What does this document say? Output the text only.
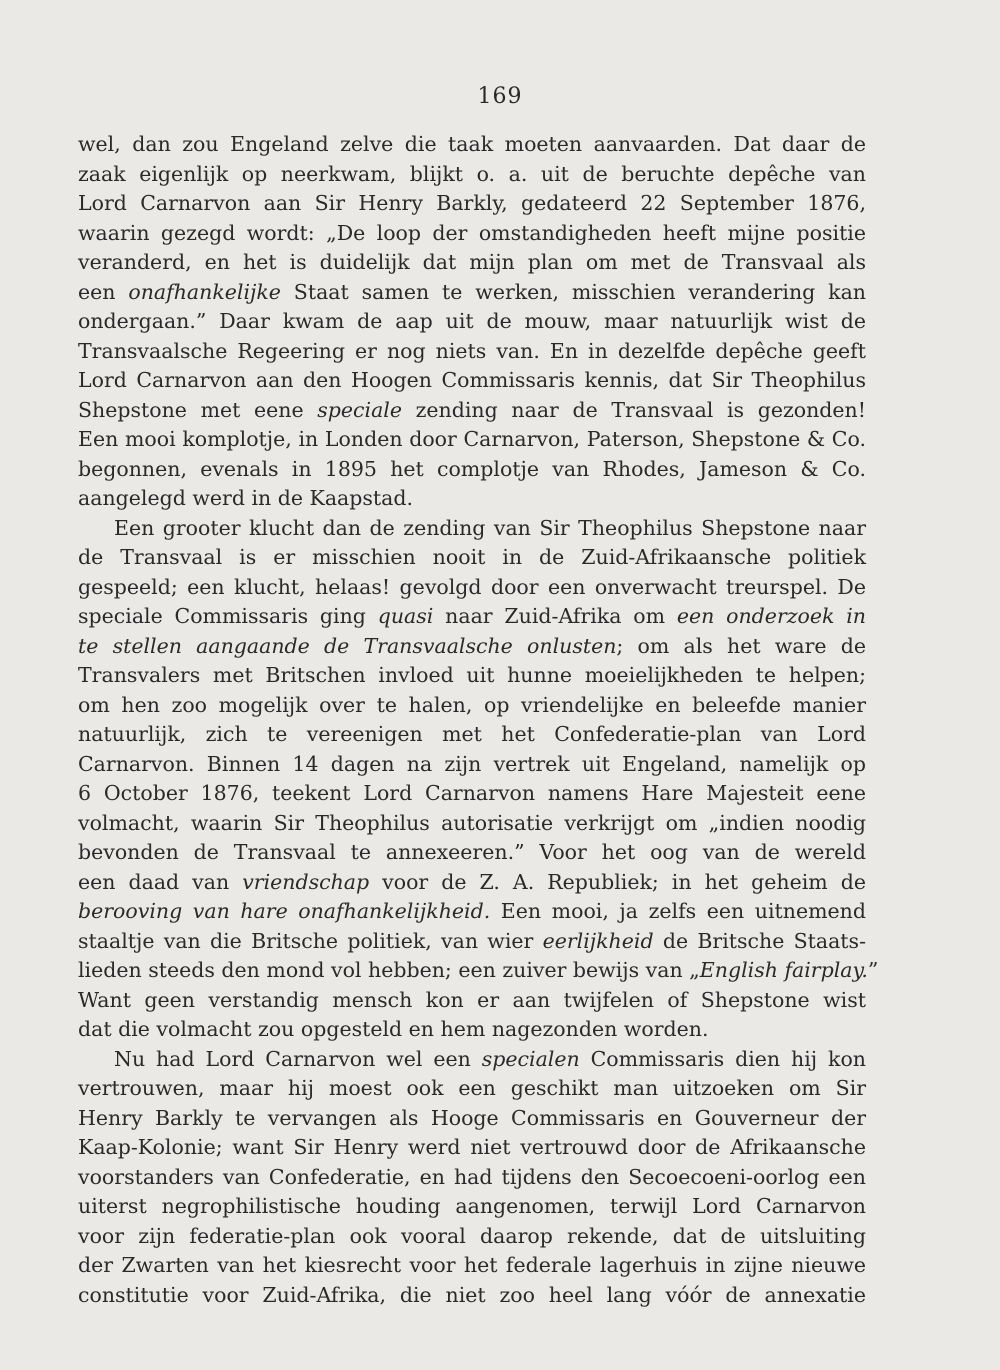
169
wel, dan zou Engeland zelve die taak moeten aanvaarden. Dat daar de
zaak eigenlijk op neerkwam, blijkt o. a. uit de beruchte depêche van
Lord Carnarvon aan Sir Henry Barkly, gedateerd 22 September 1876,
waarin gezegd wordt: „De loop der omstandigheden heeft mijne positie
veranderd, en het is duidelijk dat mijn plan om met de Transvaal als
een onafhankelijke Staat samen te werken, misschien verandering kan
ondergaan.” Daar kwam de aap uit de mouw, maar natuurlijk wist de
Transvaalsche Regeering er nog niets van. En in dezelfde depêche geeft
Lord Carnarvon aan den Hoogen Commissaris kennis, dat Sir Theophilus
Shepstone met eene speciale zending naar de Transvaal is gezonden!
Een mooi komplotje, in Londen door Carnarvon, Paterson, Shepstone & Co.
begonnen, evenals in 1895 het complotje van Rhodes, Jameson & Co.
aangelegd werd in de Kaapstad.
Een grooter klucht dan de zending van Sir Theophilus Shepstone naar
de Transvaal is er misschien nooit in de Zuid-Afrikaansche politiek
gespeeld; een klucht, helaas! gevolgd door een onverwacht treurspel. De
speciale Commissaris ging quasi naar Zuid-Afrika om een onderzoek in
te stellen aangaande de Transvaalsche onlusten; om als het ware de
Transvalers met Britschen invloed uit hunne moeielijkheden te helpen;
om hen zoo mogelijk over te halen, op vriendelijke en beleefde manier
natuurlijk, zich te vereenigen met het Confederatie-plan van Lord
Carnarvon. Binnen 14 dagen na zijn vertrek uit Engeland, namelijk op
6 October 1876, teekent Lord Carnarvon namens Hare Majesteit eene
volmacht, waarin Sir Theophilus autorisatie verkrijgt om „indien noodig
bevonden de Transvaal te annexeeren.” Voor het oog van de wereld
een daad van vriendschap voor de Z. A. Republiek; in het geheim de
berooving van hare onafhankelijkheid. Een mooi, ja zelfs een uitnemend
staaltje van die Britsche politiek, van wier eerlijkheid de Britsche Staats-
lieden steeds den mond vol hebben; een zuiver bewijs van „English fairplay.”
Want geen verstandig mensch kon er aan twijfelen of Shepstone wist
dat die volmacht zou opgesteld en hem nagezonden worden.
Nu had Lord Carnarvon wel een specialen Commissaris dien hij kon
vertrouwen, maar hij moest ook een geschikt man uitzoeken om Sir
Henry Barkly te vervangen als Hooge Commissaris en Gouverneur der
Kaap-Kolonie; want Sir Henry werd niet vertrouwd door de Afrikaansche
voorstanders van Confederatie, en had tijdens den Secoecoeni-oorlog een
uiterst negrophilistische houding aangenomen, terwijl Lord Carnarvon
voor zijn federatie-plan ook vooral daarop rekende, dat de uitsluiting
der Zwarten van het kiesrecht voor het federale lagerhuis in zijne nieuwe
constitutie voor Zuid-Afrika, die niet zoo heel lang vóór de annexatie
